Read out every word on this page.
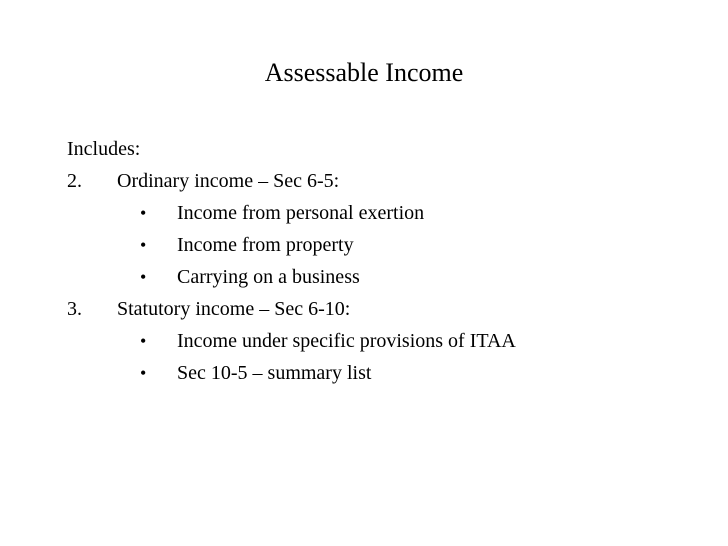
Assessable Income
Includes:
2. Ordinary income – Sec 6-5:
• Income from personal exertion
• Income from property
• Carrying on a business
3. Statutory income – Sec 6-10:
• Income under specific provisions of ITAA
• Sec 10-5 – summary list
